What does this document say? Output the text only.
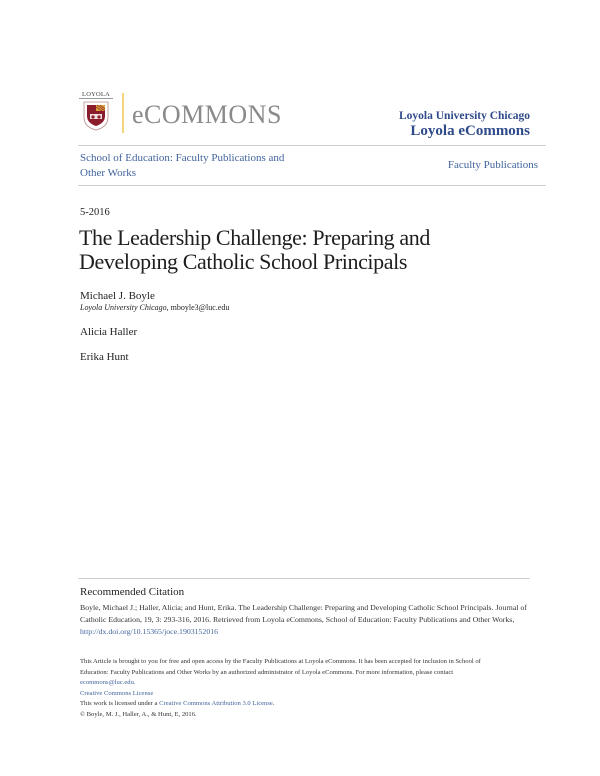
LOYOLA
eCOMMONS	Loyola University Chicago
Loyola eCommons
School of Education: Faculty Publications and
Other Works
Faculty Publications
5-2016
The Leadership Challenge: Preparing and Developing Catholic School Principals
Michael J. Boyle
Loyola University Chicago, mboyle3@luc.edu
Alicia Haller
Erika Hunt
Recommended Citation
Boyle, Michael J.; Haller, Alicia; and Hunt, Erika. The Leadership Challenge: Preparing and Developing Catholic School Principals. Journal of Catholic Education, 19, 3: 293-316, 2016. Retrieved from Loyola eCommons, School of Education: Faculty Publications and Other Works, http://dx.doi.org/10.15365/joce.1903152016
This Article is brought to you for free and open access by the Faculty Publications at Loyola eCommons. It has been accepted for inclusion in School of
Education: Faculty Publications and Other Works by an authorized administrator of Loyola eCommons. For more information, please contact
ecommons@luc.edu.
Creative Commons License
This work is licensed under a Creative Commons Attribution 3.0 License.
© Boyle, M. J., Haller, A., & Hunt, E, 2016.
